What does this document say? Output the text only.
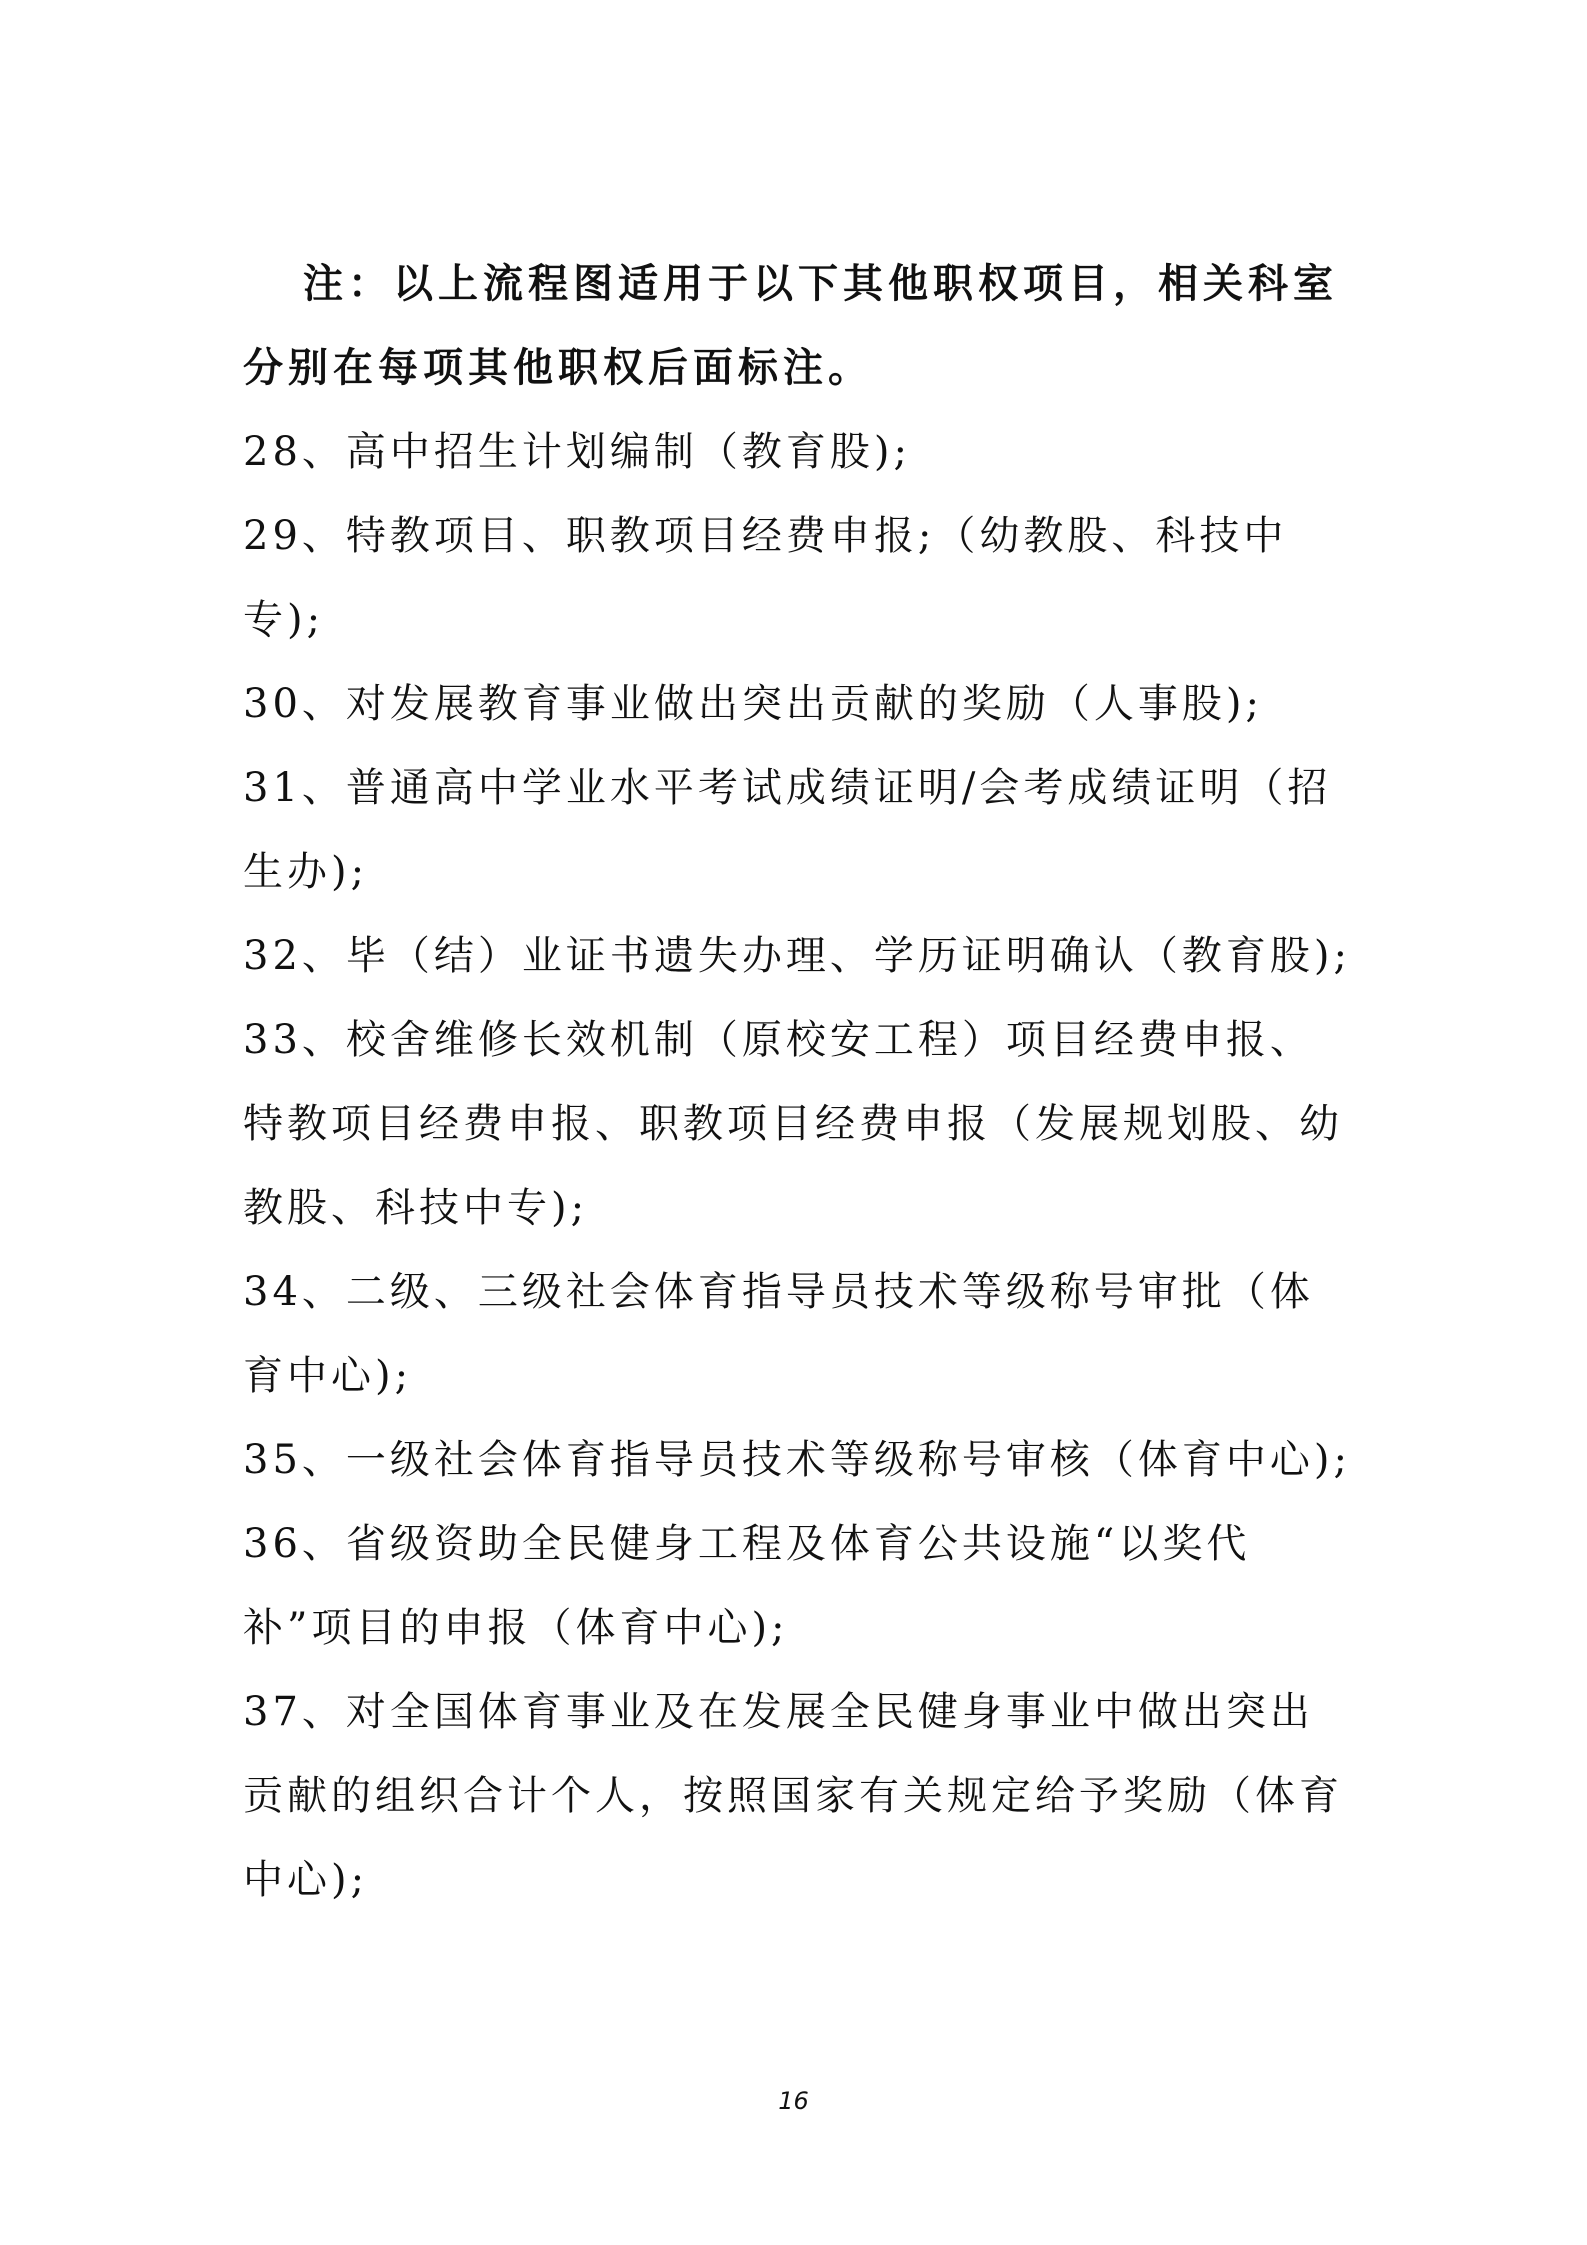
注：以上流程图适用于以下其他职权项目，相关科室分别在每项其他职权后面标注。

28、高中招生计划编制（教育股);

29、特教项目、职教项目经费申报;（幼教股、科技中专);

30、对发展教育事业做出突出贡献的奖励（人事股);

31、普通高中学业水平考试成绩证明/会考成绩证明（招生办);

32、毕（结）业证书遗失办理、学历证明确认（教育股);

33、校舍维修长效机制（原校安工程）项目经费申报、特教项目经费申报、职教项目经费申报（发展规划股、幼教股、科技中专);

34、二级、三级社会体育指导员技术等级称号审批（体育中心);

35、一级社会体育指导员技术等级称号审核（体育中心);

36、省级资助全民健身工程及体育公共设施“以奖代补”项目的申报（体育中心);

37、对全国体育事业及在发展全民健身事业中做出突出贡献的组织合计个人，按照国家有关规定给予奖励（体育中心);

16
